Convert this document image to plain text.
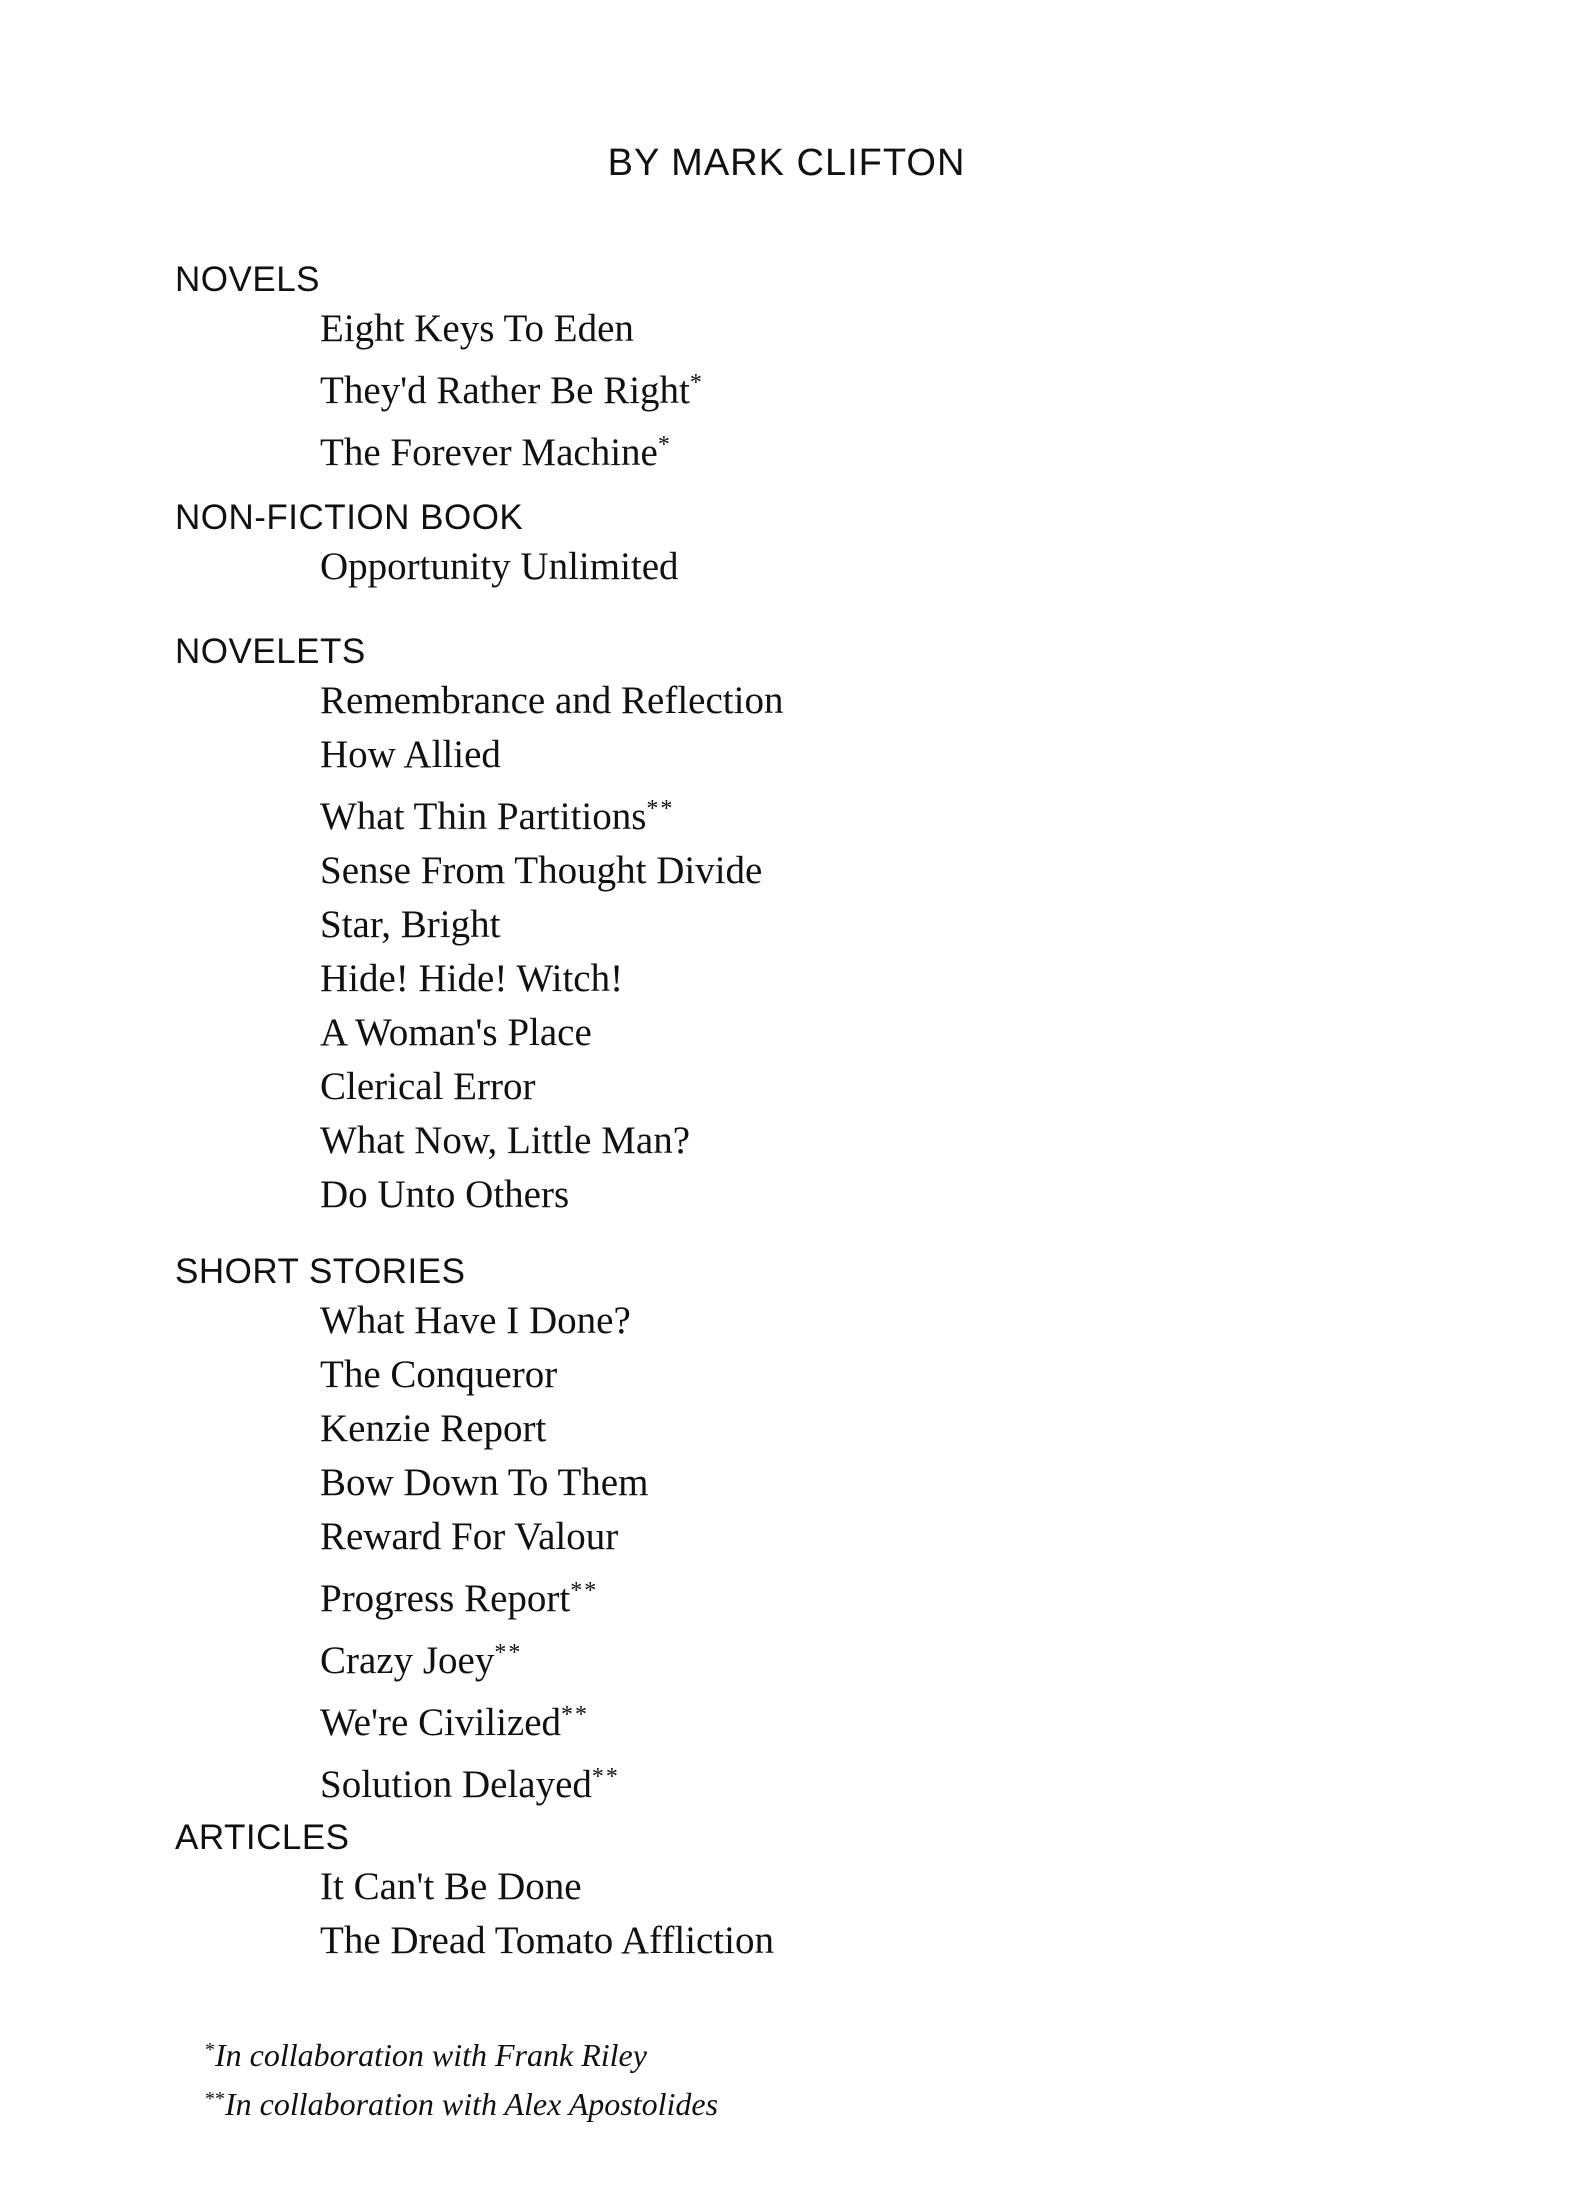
BY MARK CLIFTON
NOVELS
Eight Keys To Eden
They'd Rather Be Right*
The Forever Machine*
NON-FICTION BOOK
Opportunity Unlimited
NOVELETS
Remembrance and Reflection
How Allied
What Thin Partitions**
Sense From Thought Divide
Star, Bright
Hide! Hide! Witch!
A Woman's Place
Clerical Error
What Now, Little Man?
Do Unto Others
SHORT STORIES
What Have I Done?
The Conqueror
Kenzie Report
Bow Down To Them
Reward For Valour
Progress Report**
Crazy Joey**
We're Civilized**
Solution Delayed**
ARTICLES
It Can't Be Done
The Dread Tomato Affliction
*In collaboration with Frank Riley
**In collaboration with Alex Apostolides
